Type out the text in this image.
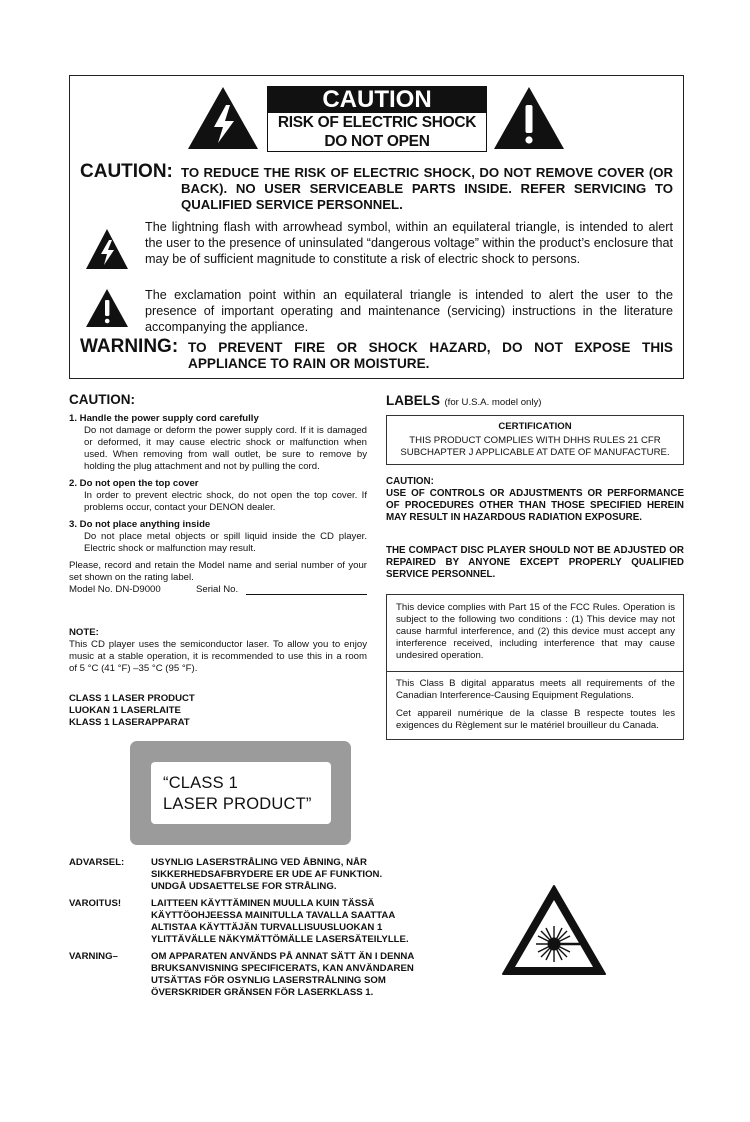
CAUTION
RISK OF ELECTRIC SHOCK
DO NOT OPEN
CAUTION: TO REDUCE THE RISK OF ELECTRIC SHOCK, DO NOT REMOVE COVER (OR BACK). NO USER SERVICEABLE PARTS INSIDE. REFER SERVICING TO QUALIFIED SERVICE PERSONNEL.
The lightning flash with arrowhead symbol, within an equilateral triangle, is intended to alert the user to the presence of uninsulated “dangerous voltage” within the product’s enclosure that may be of sufficient magnitude to constitute a risk of electric shock to persons.
The exclamation point within an equilateral triangle is intended to alert the user to the presence of important operating and maintenance (servicing) instructions in the literature accompanying the appliance.
WARNING: TO PREVENT FIRE OR SHOCK HAZARD, DO NOT EXPOSE THIS APPLIANCE TO RAIN OR MOISTURE.
CAUTION:
1. Handle the power supply cord carefully
Do not damage or deform the power supply cord. If it is damaged or deformed, it may cause electric shock or malfunction when used. When removing from wall outlet, be sure to remove by holding the plug attachment and not by pulling the cord.
2. Do not open the top cover
In order to prevent electric shock, do not open the top cover. If problems occur, contact your DENON dealer.
3. Do not place anything inside
Do not place metal objects or spill liquid inside the CD player. Electric shock or malfunction may result.
Please, record and retain the Model name and serial number of your set shown on the rating label.
Model No. DN-D9000	Serial No.
NOTE:
This CD player uses the semiconductor laser. To allow you to enjoy music at a stable operation, it is recommended to use this in a room of 5 °C (41 °F) –35 °C (95 °F).
CLASS 1 LASER PRODUCT
LUOKAN 1 LASERLAITE
KLASS 1 LASERAPPARAT
“CLASS 1
LASER PRODUCT”
LABELS (for U.S.A. model only)
CERTIFICATION
THIS PRODUCT COMPLIES WITH DHHS RULES 21 CFR SUBCHAPTER J APPLICABLE AT DATE OF MANUFACTURE.
CAUTION:
USE OF CONTROLS OR ADJUSTMENTS OR PERFORMANCE OF PROCEDURES OTHER THAN THOSE SPECIFIED HEREIN MAY RESULT IN HAZARDOUS RADIATION EXPOSURE.
THE COMPACT DISC PLAYER SHOULD NOT BE ADJUSTED OR REPAIRED BY ANYONE EXCEPT PROPERLY QUALIFIED SERVICE PERSONNEL.
This device complies with Part 15 of the FCC Rules. Operation is subject to the following two conditions : (1) This device may not cause harmful interference, and (2) this device must accept any interference received, including interference that may cause undesired operation.
This Class B digital apparatus meets all requirements of the Canadian Interference-Causing Equipment Regulations.
Cet appareil numérique de la classe B respecte toutes les exigences du Règlement sur le matériel brouilleur du Canada.
ADVARSEL:	USYNLIG LASERSTRÅLING VED ÅBNING, NÅR
SIKKERHEDSAFBRYDERE ER UDE AF FUNKTION.
UNDGÅ UDSAETTELSE FOR STRÅLING.
VAROITUS!	LAITTEEN KÄYTTÄMINEN MUULLA KUIN TÄSSÄ
KÄYTTÖOHJEESSA MAINITULLA TAVALLA SAATTAA
ALTISTAA KÄYTTÄJÄN TURVALLISUUSLUOKAN 1
YLITTÄVÄLLE NÄKYMÄTTÖMÄLLE LASERSÄTEILYLLE.
VARNING–	OM APPARATEN ANVÄNDS PÅ ANNAT SÄTT ÄN I DENNA
BRUKSANVISNING SPECIFICERATS, KAN ANVÄNDAREN
UTSÄTTAS FÖR OSYNLIG LASERSTRÅLNING SOM
ÖVERSKRIDER GRÄNSEN FÖR LASERKLASS 1.
